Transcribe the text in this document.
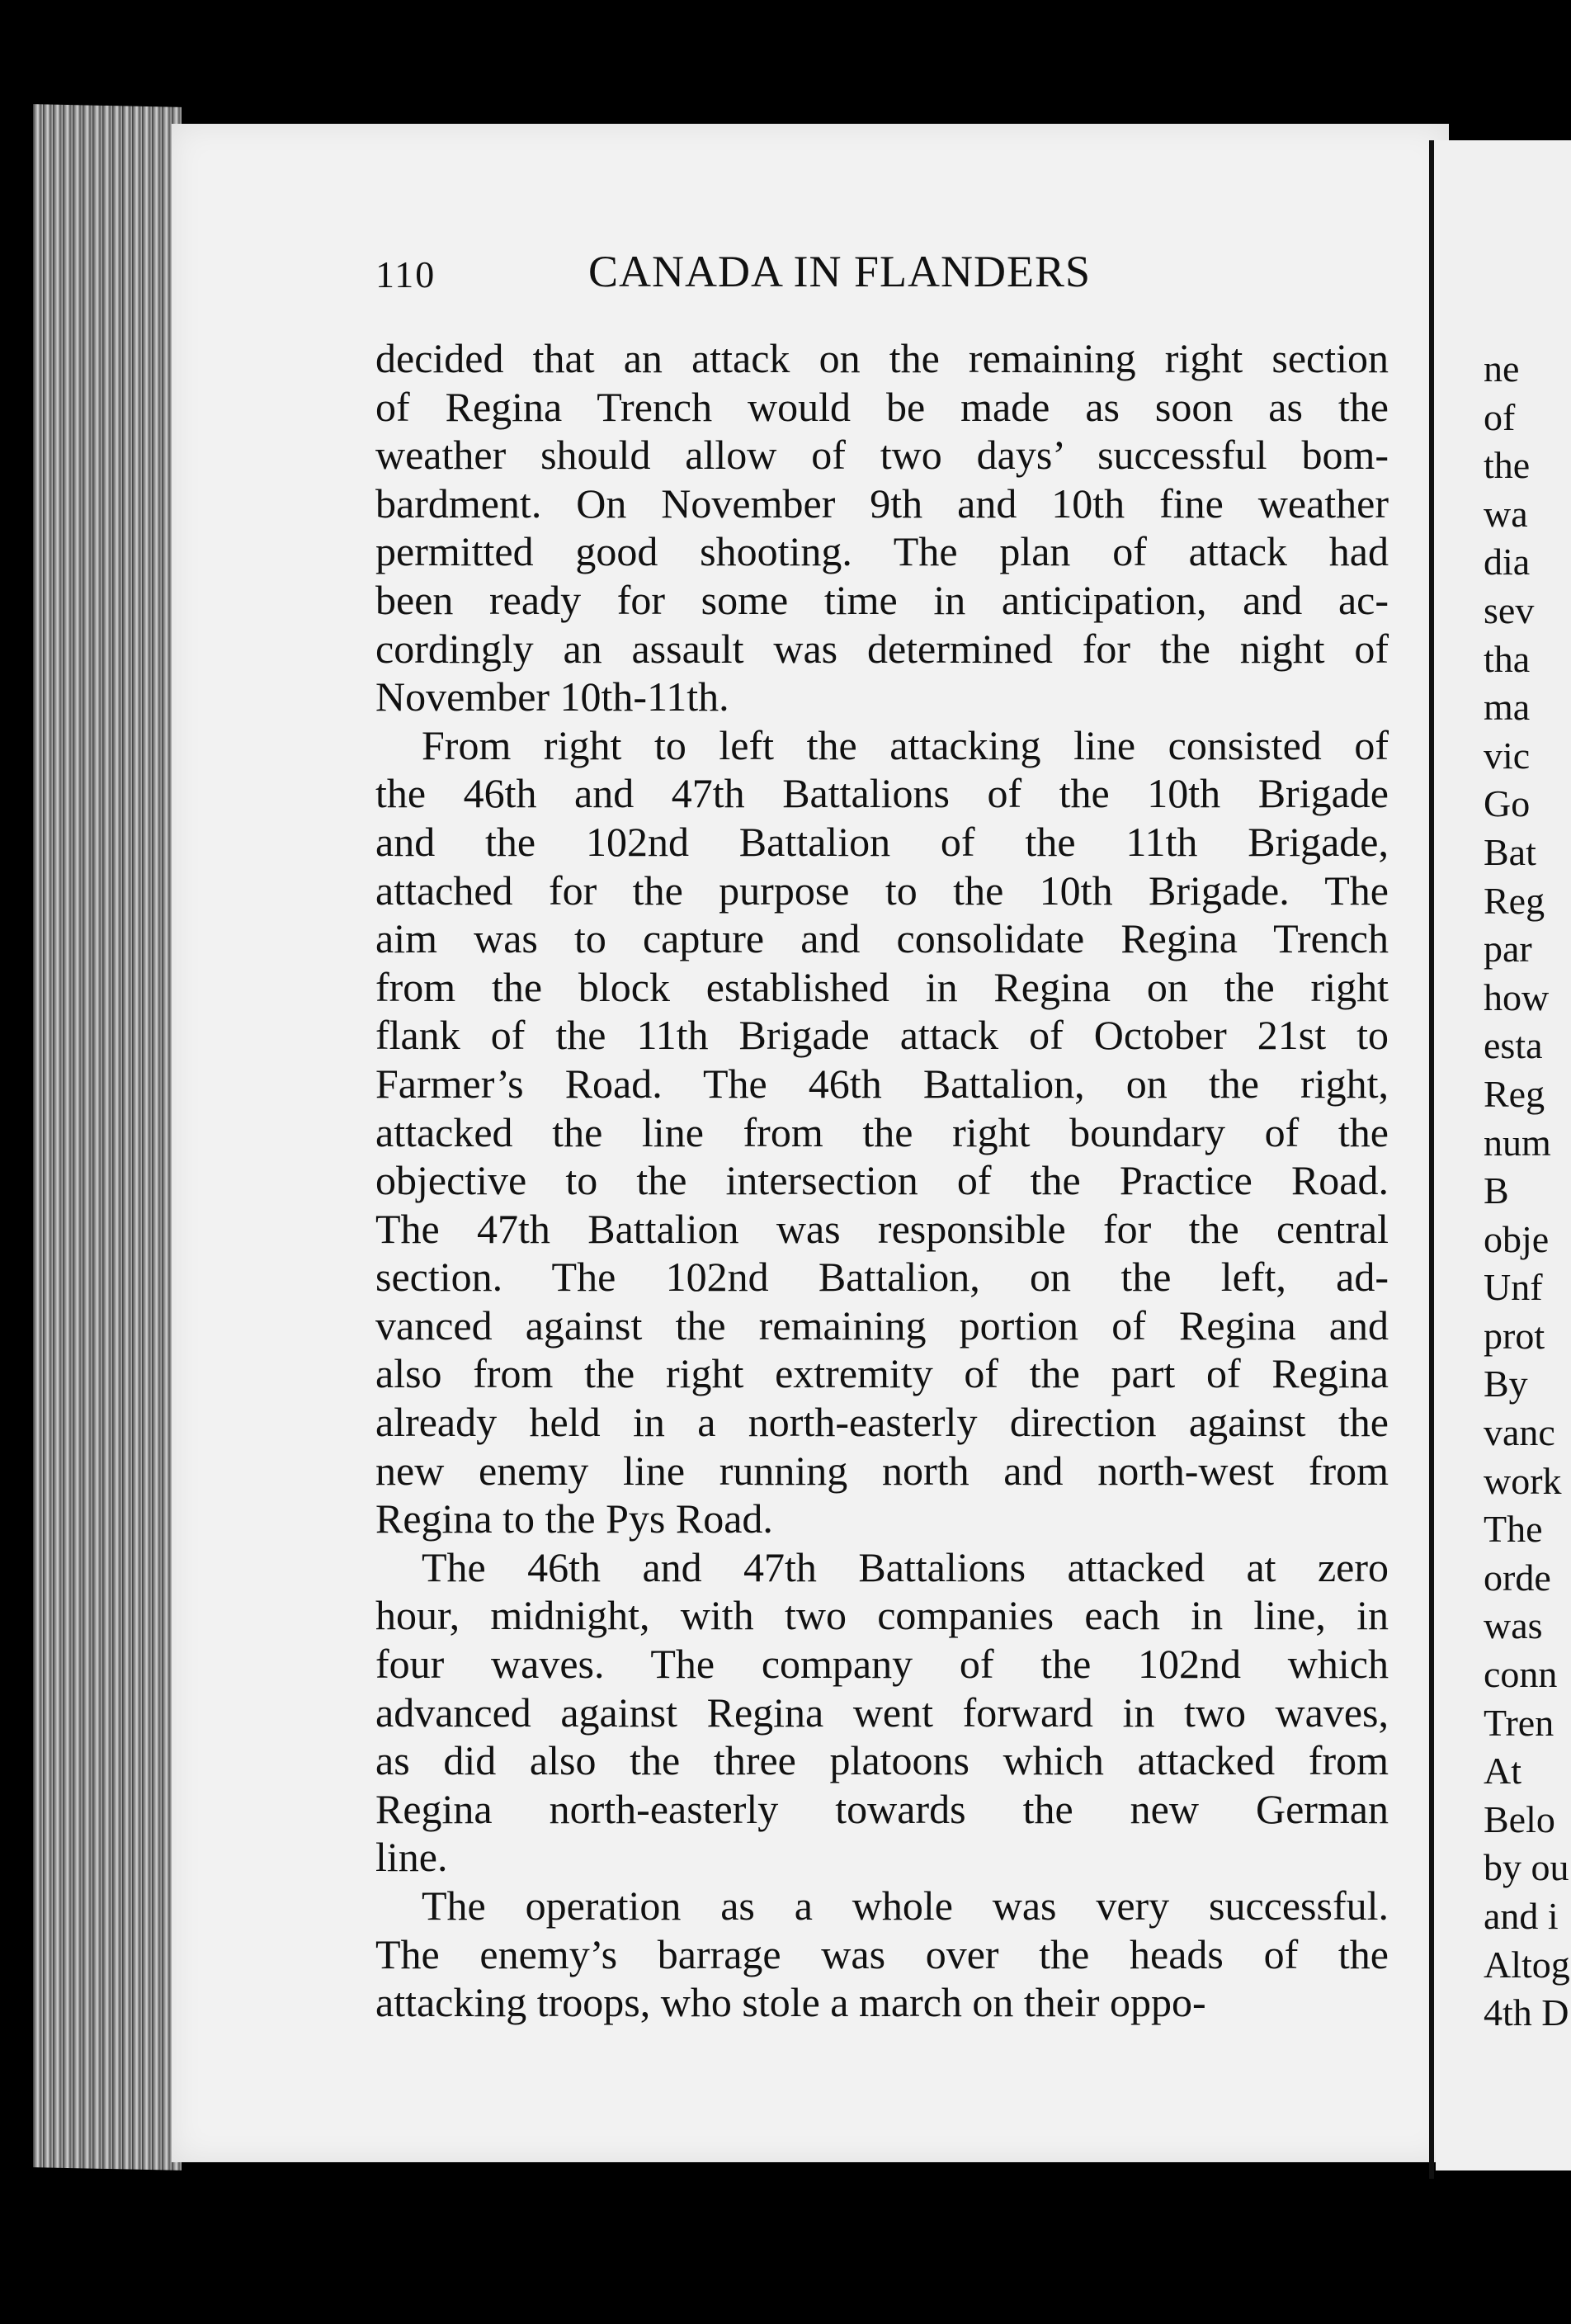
110	CANADA IN FLANDERS

decided that an attack on the remaining right section
of Regina Trench would be made as soon as the
weather should allow of two days’ successful bom-
bardment. On November 9th and 10th fine weather
permitted good shooting. The plan of attack had
been ready for some time in anticipation, and ac-
cordingly an assault was determined for the night of
November 10th-11th.

From right to left the attacking line consisted of
the 46th and 47th Battalions of the 10th Brigade
and the 102nd Battalion of the 11th Brigade,
attached for the purpose to the 10th Brigade. The
aim was to capture and consolidate Regina Trench
from the block established in Regina on the right
flank of the 11th Brigade attack of October 21st to
Farmer’s Road. The 46th Battalion, on the right,
attacked the line from the right boundary of the
objective to the intersection of the Practice Road.
The 47th Battalion was responsible for the central
section. The 102nd Battalion, on the left, ad-
vanced against the remaining portion of Regina and
also from the right extremity of the part of Regina
already held in a north-easterly direction against the
new enemy line running north and north-west from
Regina to the Pys Road.

The 46th and 47th Battalions attacked at zero
hour, midnight, with two companies each in line, in
four waves. The company of the 102nd which
advanced against Regina went forward in two waves,
as did also the three platoons which attacked from
Regina north-easterly towards the new German
line.

The operation as a whole was very successful.
The enemy’s barrage was over the heads of the
attacking troops, who stole a march on their oppo-

ne
of
the
wa
dia
sev
tha
ma
vic
Go
Bat
Reg
par
how
esta
Reg
num
B
obje
Unf
prot
By
vanc
work
The
orde
was
conn
Tren
At
Belo
by ou
and i
Altog
4th D
